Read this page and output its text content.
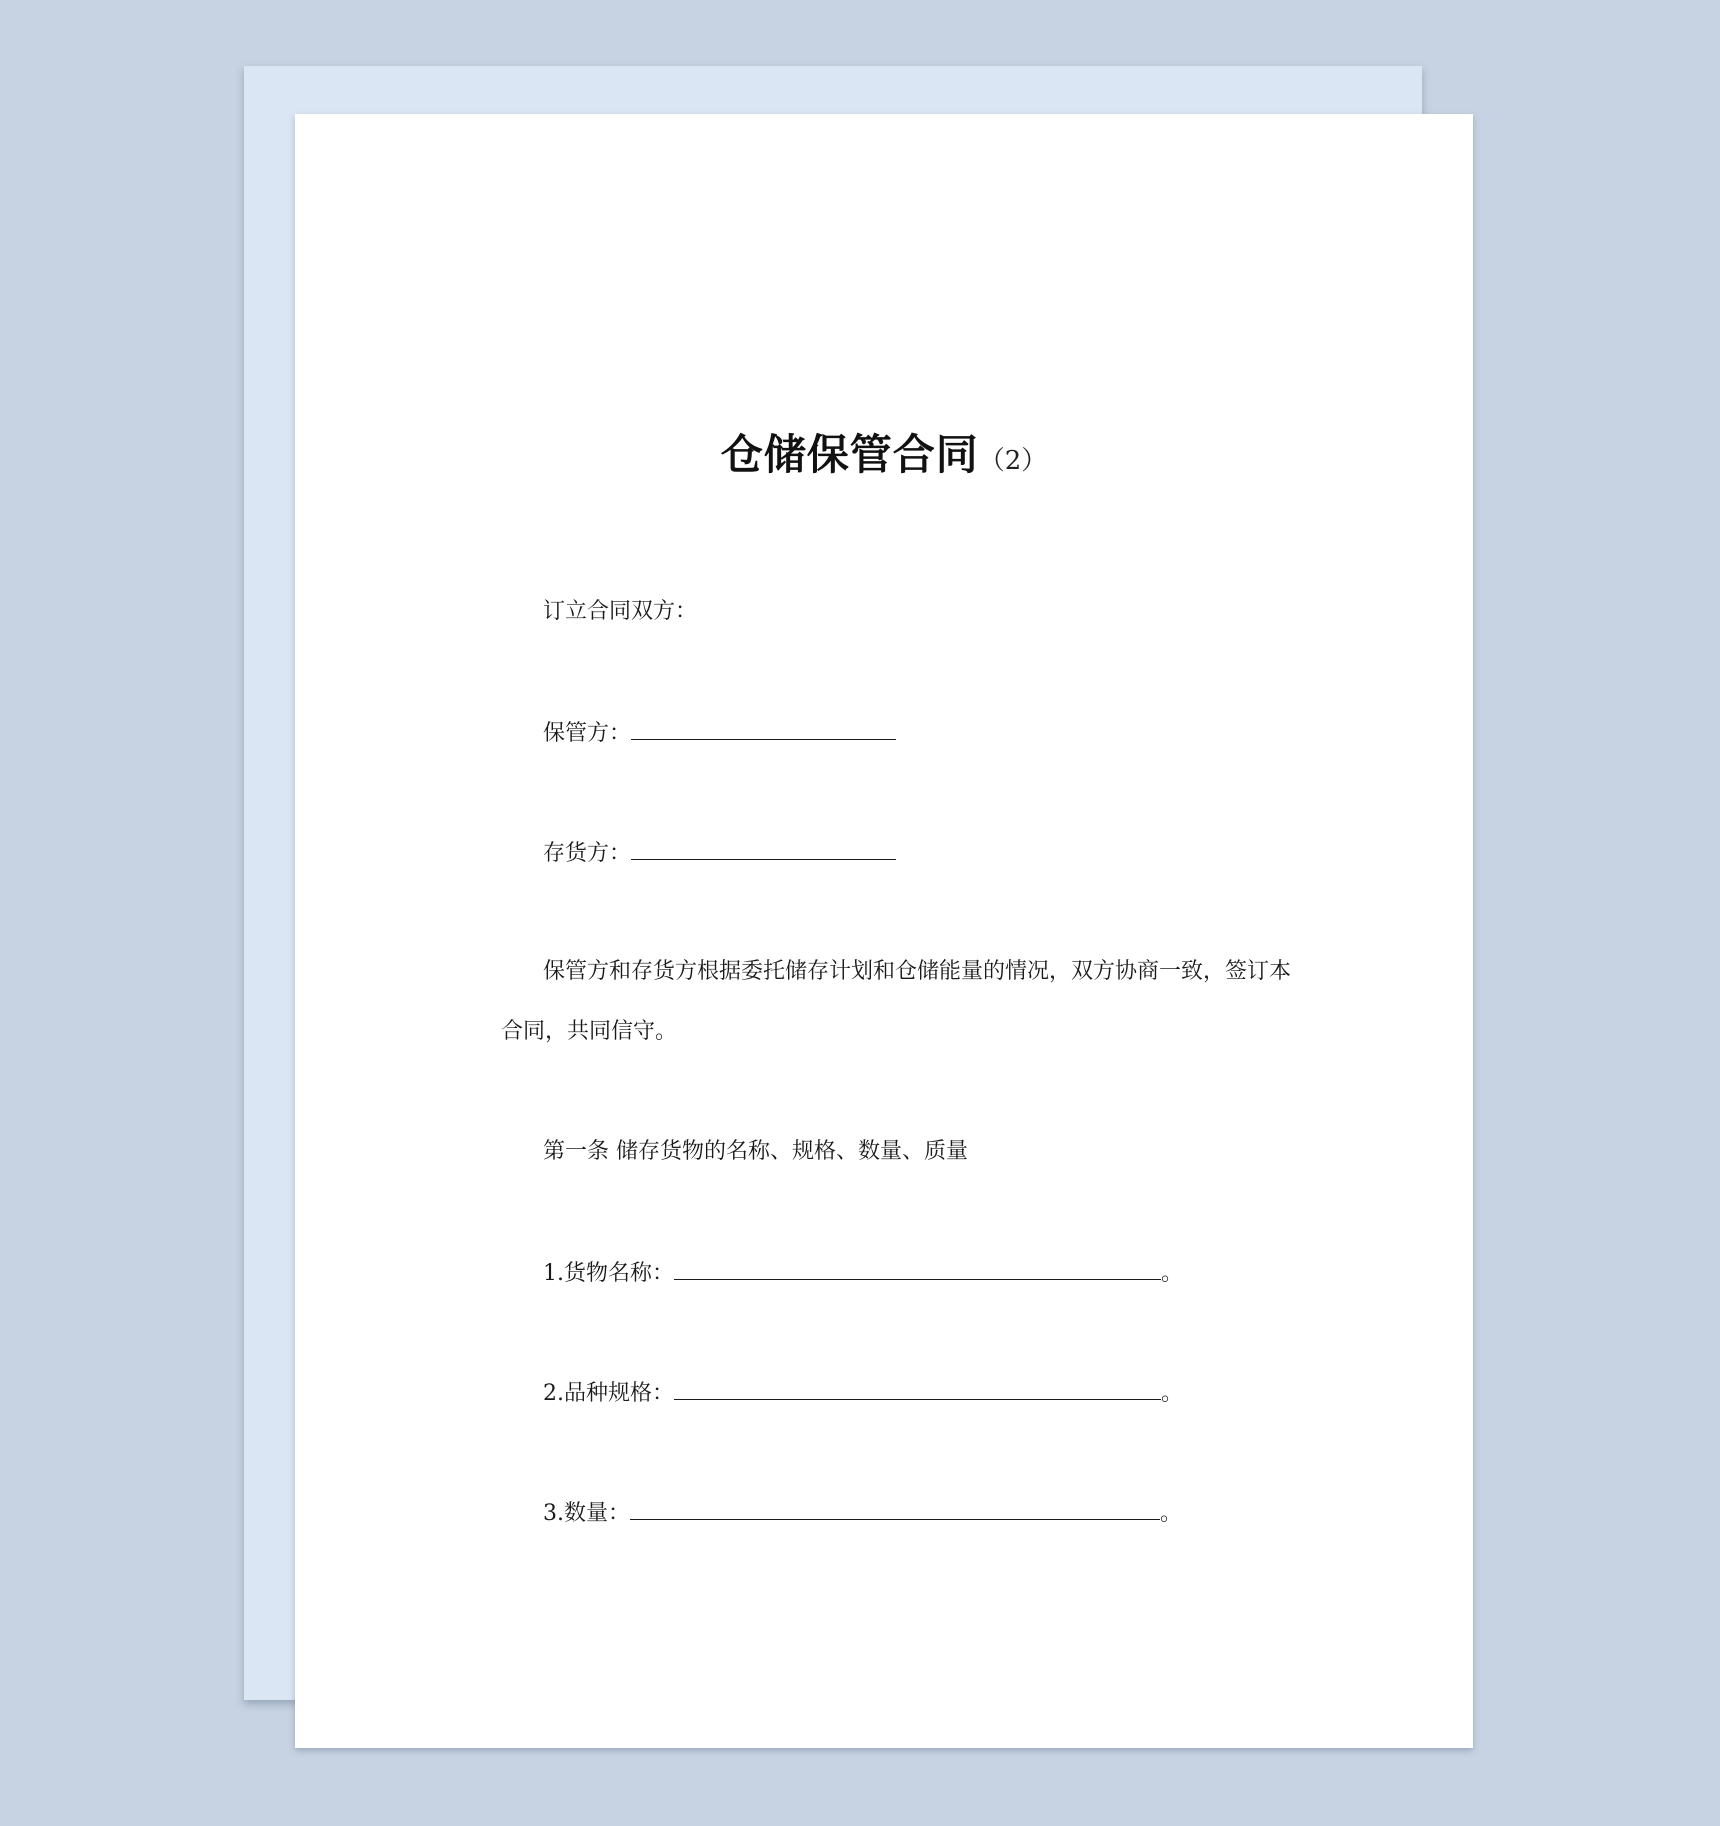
仓储保管合同（2）
订立合同双方：
保管方：
存货方：
保管方和存货方根据委托储存计划和仓储能量的情况，双方协商一致，签订本
合同，共同信守。
第一条 储存货物的名称、规格、数量、质量
1.货物名称：	。
2.品种规格：	。
3.数量：	。
